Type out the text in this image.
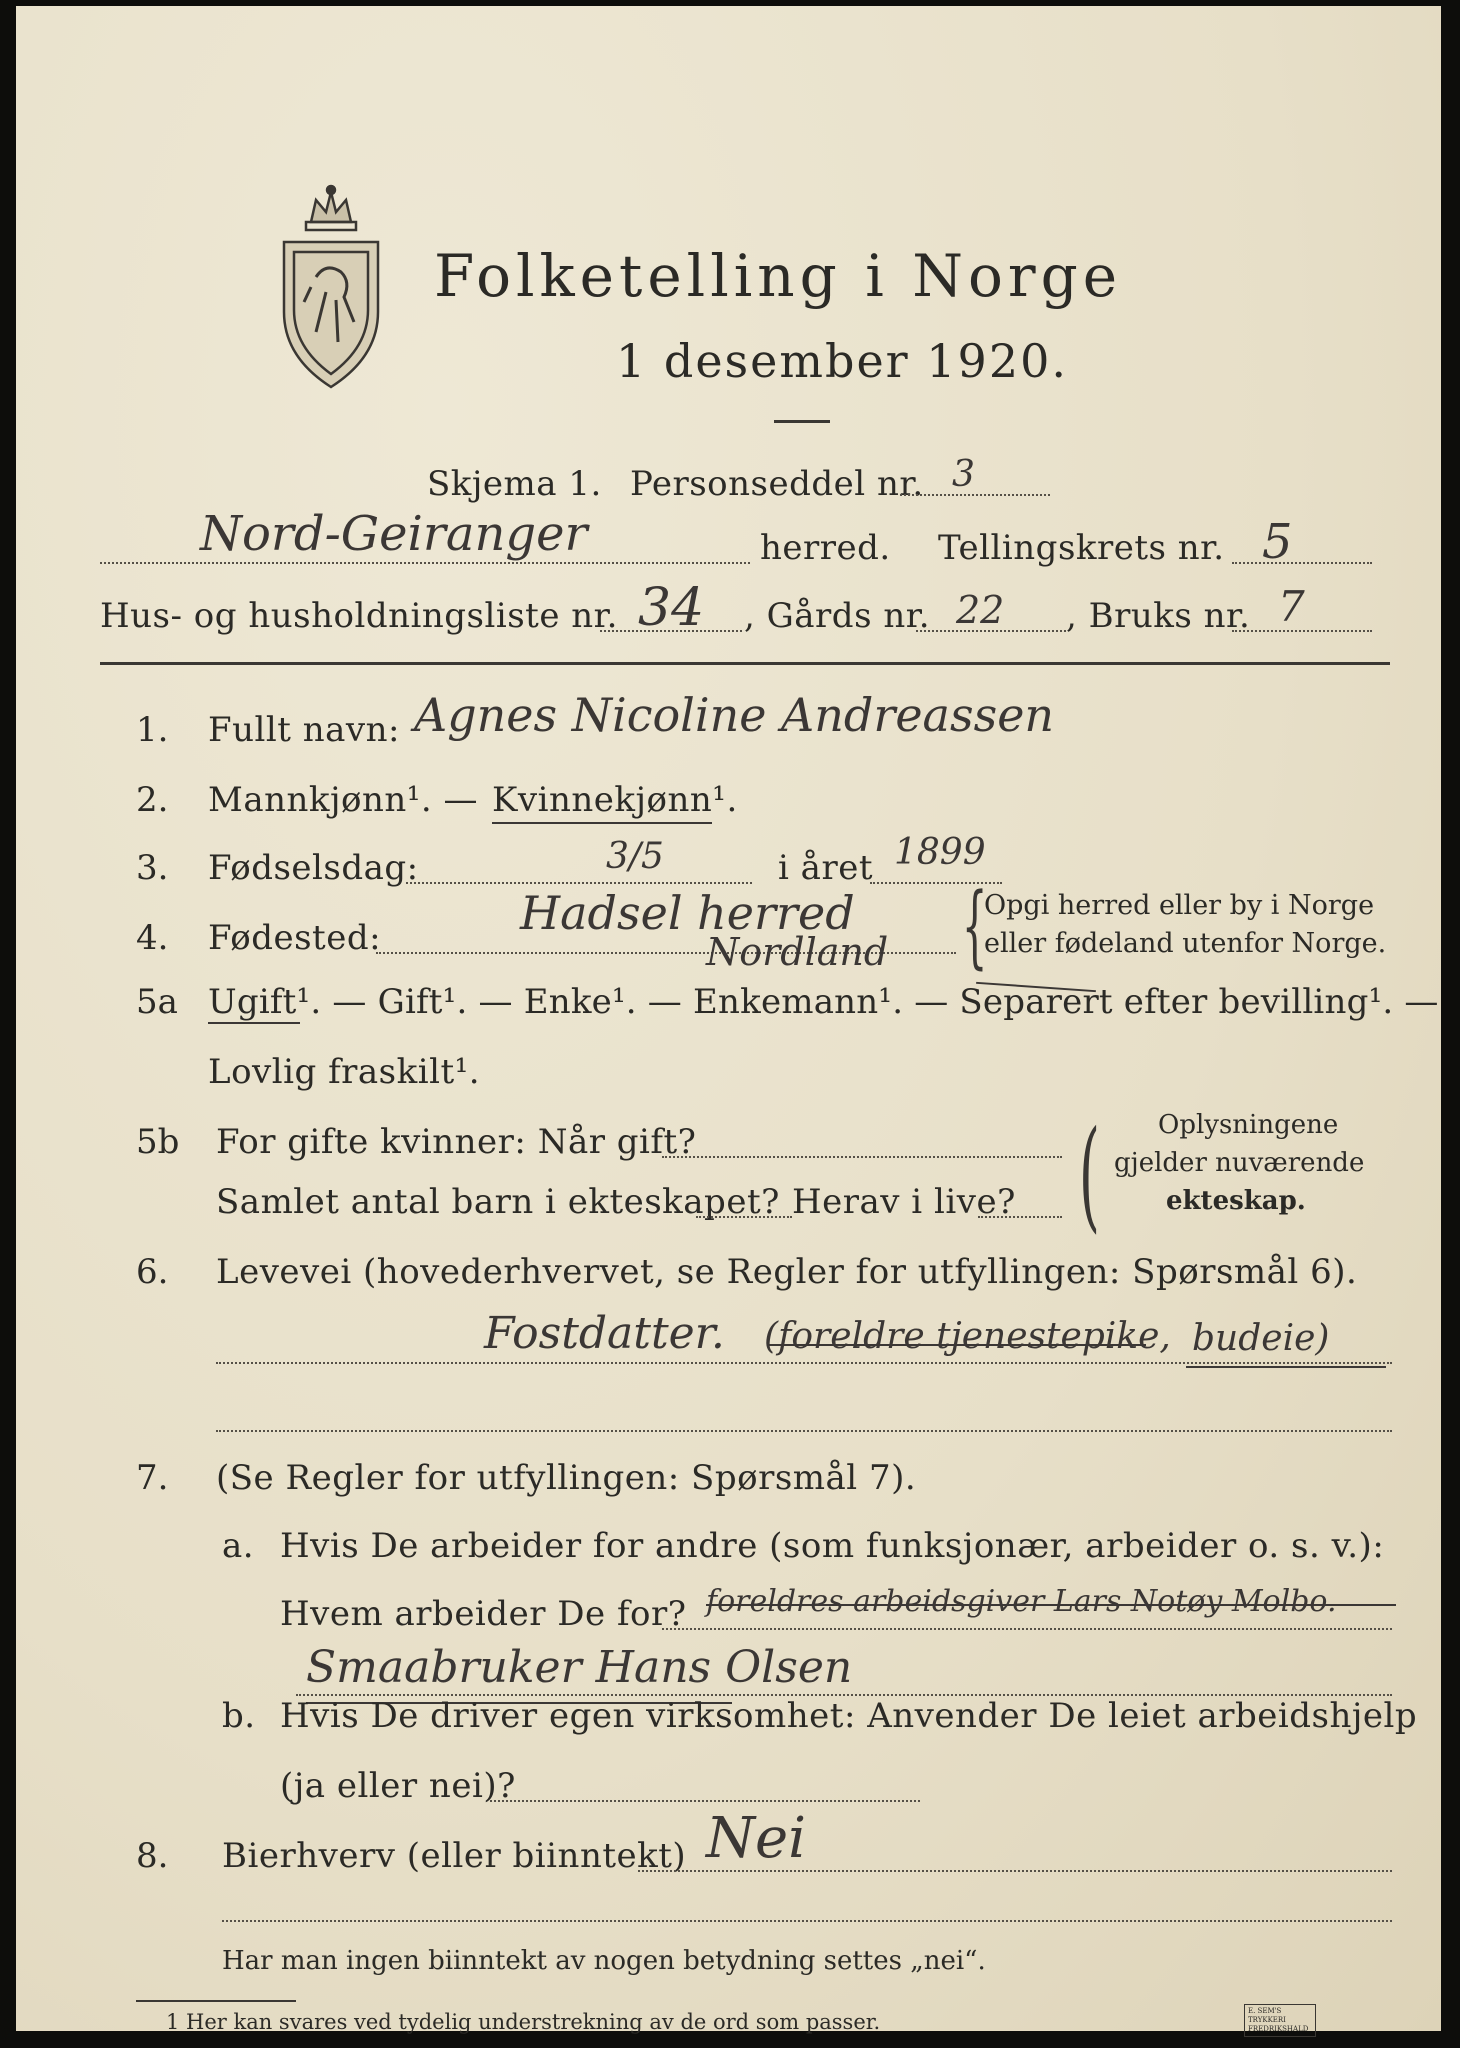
Folketelling i Norge
1 desember 1920.
Skjema 1. Personseddel nr. 3
Nord-Geiranger	herred. Tellingskrets nr. 5
Hus- og husholdningsliste nr. 34 , Gårds nr. 22 , Bruks nr. 7
1. Fullt navn: Agnes Nicoline Andreassen
2. Mannkjønn¹. — Kvinnekjønn¹.
3. Fødselsdag:	3/5	i året 1899
4. Fødested:	Hadsel herred
Nordland {
Opgi herred eller by i Norge
eller fødeland utenfor Norge.
5a Ugift¹. — Gift¹. — Enke¹. — Enkemann¹. — Separert efter bevilling¹. —
Lovlig fraskilt¹.
5b For gifte kvinner: Når gift?
Samlet antal barn i ekteskapet? Herav i live? ( Oplysningene
gjelder nuværende
ekteskap.
6. Levevei (hovederhvervet, se Regler for utfyllingen: Spørsmål 6).
Fostdatter. (foreldre tjenestepike, budeie)
7. (Se Regler for utfyllingen: Spørsmål 7).
a. Hvis De arbeider for andre (som funksjonær, arbeider o. s. v.):
Hvem arbeider De for? foreldres arbeidsgiver Lars Notøy Molbo.
Smaabruker Hans Olsen
b. Hvis De driver egen virksomhet: Anvender De leiet arbeidshjelp
(ja eller nei)?
8. Bierhverv (eller biinntekt) Nei
Har man ingen biinntekt av nogen betydning settes „nei“.
1 Her kan svares ved tydelig understrekning av de ord som passer.	E. SEM'S TRYKKERI FREDRIKSHALD
